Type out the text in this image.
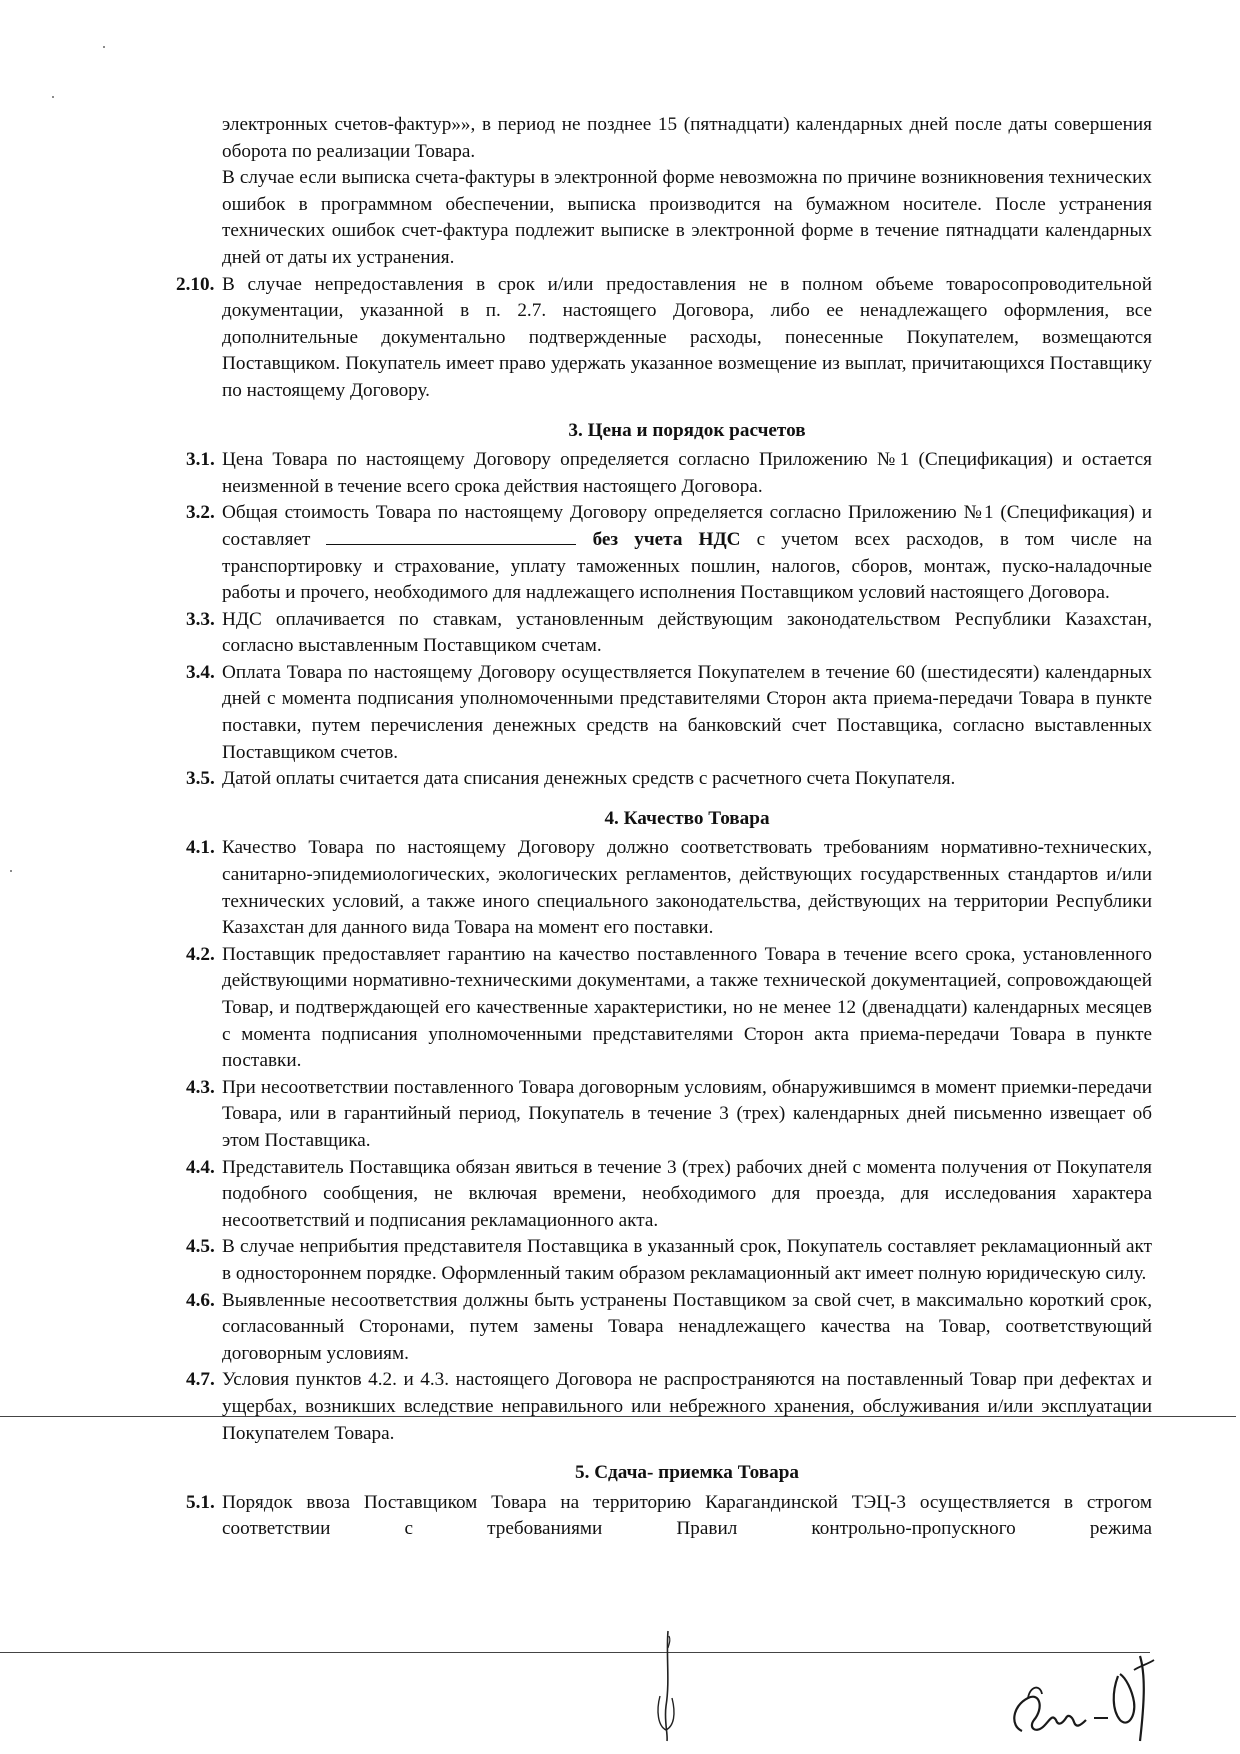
электронных счетов-фактур»», в период не позднее 15 (пятнадцати) календарных дней после даты совершения оборота по реализации Товара.

В случае если выписка счета-фактуры в электронной форме невозможна по причине возникновения технических ошибок в программном обеспечении, выписка производится на бумажном носителе. После устранения технических ошибок счет-фактура подлежит выписке в электронной форме в течение пятнадцати календарных дней от даты их устранения.

2.10. В случае непредоставления в срок и/или предоставления не в полном объеме товаросопроводительной документации, указанной в п. 2.7. настоящего Договора, либо ее ненадлежащего оформления, все дополнительные документально подтвержденные расходы, понесенные Покупателем, возмещаются Поставщиком. Покупатель имеет право удержать указанное возмещение из выплат, причитающихся Поставщику по настоящему Договору.
3. Цена и порядок расчетов
3.1. Цена Товара по настоящему Договору определяется согласно Приложению №1 (Спецификация) и остается неизменной в течение всего срока действия настоящего Договора.
3.2. Общая стоимость Товара по настоящему Договору определяется согласно Приложению №1 (Спецификация) и составляет	без учета НДС с учетом всех расходов, в том числе на транспортировку и страхование, уплату таможенных пошлин, налогов, сборов, монтаж, пуско-наладочные работы и прочего, необходимого для надлежащего исполнения Поставщиком условий настоящего Договора.
3.3. НДС оплачивается по ставкам, установленным действующим законодательством Республики Казахстан, согласно выставленным Поставщиком счетам.
3.4. Оплата Товара по настоящему Договору осуществляется Покупателем в течение 60 (шестидесяти) календарных дней с момента подписания уполномоченными представителями Сторон акта приема-передачи Товара в пункте поставки, путем перечисления денежных средств на банковский счет Поставщика, согласно выставленных Поставщиком счетов.
3.5. Датой оплаты считается дата списания денежных средств с расчетного счета Покупателя.
4. Качество Товара
4.1. Качество Товара по настоящему Договору должно соответствовать требованиям нормативно-технических, санитарно-эпидемиологических, экологических регламентов, действующих государственных стандартов и/или технических условий, а также иного специального законодательства, действующих на территории Республики Казахстан для данного вида Товара на момент его поставки.
4.2. Поставщик предоставляет гарантию на качество поставленного Товара в течение всего срока, установленного действующими нормативно-техническими документами, а также технической документацией, сопровождающей Товар, и подтверждающей его качественные характеристики, но не менее 12 (двенадцати) календарных месяцев с момента подписания уполномоченными представителями Сторон акта приема-передачи Товара в пункте поставки.
4.3. При несоответствии поставленного Товара договорным условиям, обнаружившимся в момент приемки-передачи Товара, или в гарантийный период, Покупатель в течение 3 (трех) календарных дней письменно извещает об этом Поставщика.
4.4. Представитель Поставщика обязан явиться в течение 3 (трех) рабочих дней с момента получения от Покупателя подобного сообщения, не включая времени, необходимого для проезда, для исследования характера несоответствий и подписания рекламационного акта.
4.5. В случае неприбытия представителя Поставщика в указанный срок, Покупатель составляет рекламационный акт в одностороннем порядке. Оформленный таким образом рекламационный акт имеет полную юридическую силу.
4.6. Выявленные несоответствия должны быть устранены Поставщиком за свой счет, в максимально короткий срок, согласованный Сторонами, путем замены Товара ненадлежащего качества на Товар, соответствующий договорным условиям.
4.7. Условия пунктов 4.2. и 4.3. настоящего Договора не распространяются на поставленный Товар при дефектах и ущербах, возникших вследствие неправильного или небрежного хранения, обслуживания и/или эксплуатации Покупателем Товара.
5. Сдача- приемка Товара
5.1. Порядок ввоза Поставщиком Товара на территорию Карагандинской ТЭЦ-3 осуществляется в строгом соответствии с требованиями Правил контрольно-пропускного режима
